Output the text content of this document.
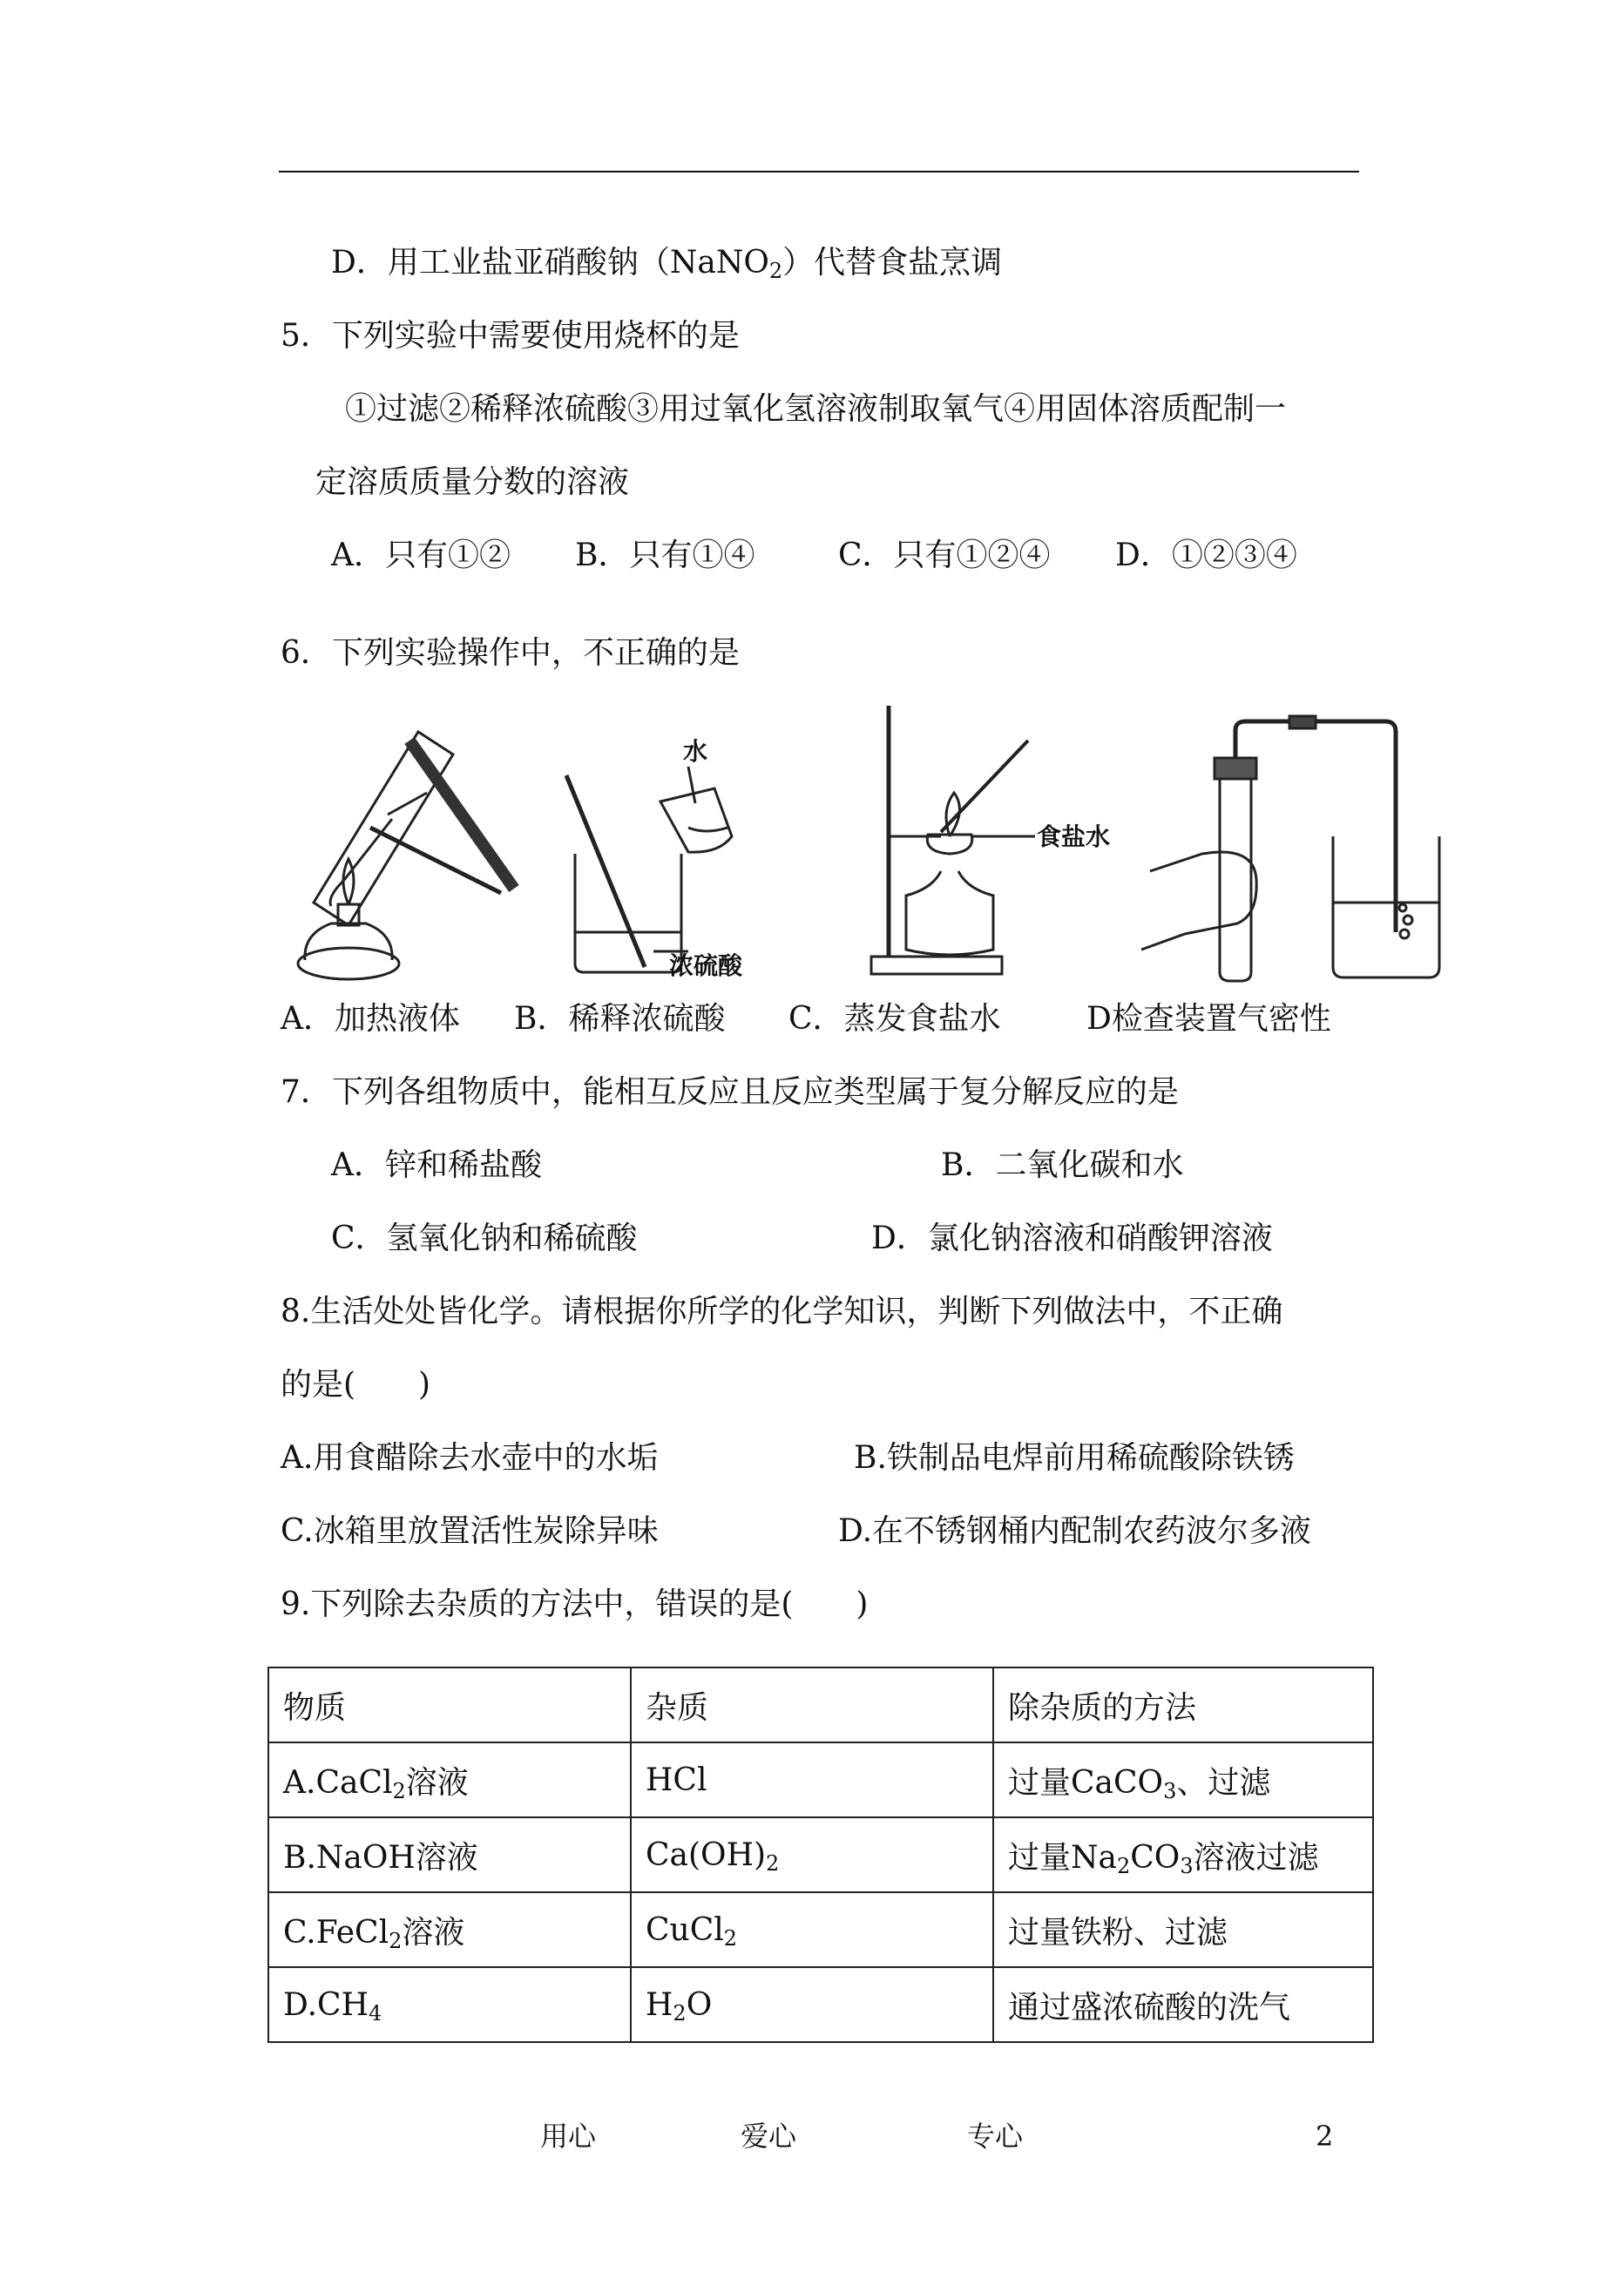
D．用工业盐亚硝酸钠（NaNO$_2$）代替食盐烹调
5．下列实验中需要使用烧杯的是
①过滤②稀释浓硫酸③用过氧化氢溶液制取氧气④用固体溶质配制一
定溶质质量分数的溶液
A．只有①② B．只有①④	C．只有①②④ D．①②③④
6．下列实验操作中，不正确的是
水
浓硫酸
食盐水
A．加热液体 B．稀释浓硫酸 C．蒸发食盐水	D检查装置气密性
7．下列各组物质中，能相互反应且反应类型属于复分解反应的是
A．锌和稀盐酸	B．二氧化碳和水
C．氢氧化钠和稀硫酸	D．氯化钠溶液和硝酸钾溶液
8.生活处处皆化学。请根据你所学的化学知识，判断下列做法中，不正确
的是(　　)
A.用食醋除去水壶中的水垢	B.铁制品电焊前用稀硫酸除铁锈
C.冰箱里放置活性炭除异味	D.在不锈钢桶内配制农药波尔多液
9.下列除去杂质的方法中，错误的是(　　)
物质	杂质	除杂质的方法
A.CaCl$_2$溶液	HCl	过量CaCO$_3$、过滤
B.NaOH溶液	$Ca(OH)_2$	过量$Na_2CO_3$溶液过滤
C.FeCl$_2$溶液	CuCl$_2$	过量铁粉、过滤
$D.CH_4$	$H_2O$	通过盛浓硫酸的洗气
用心	爱心	专心	2
